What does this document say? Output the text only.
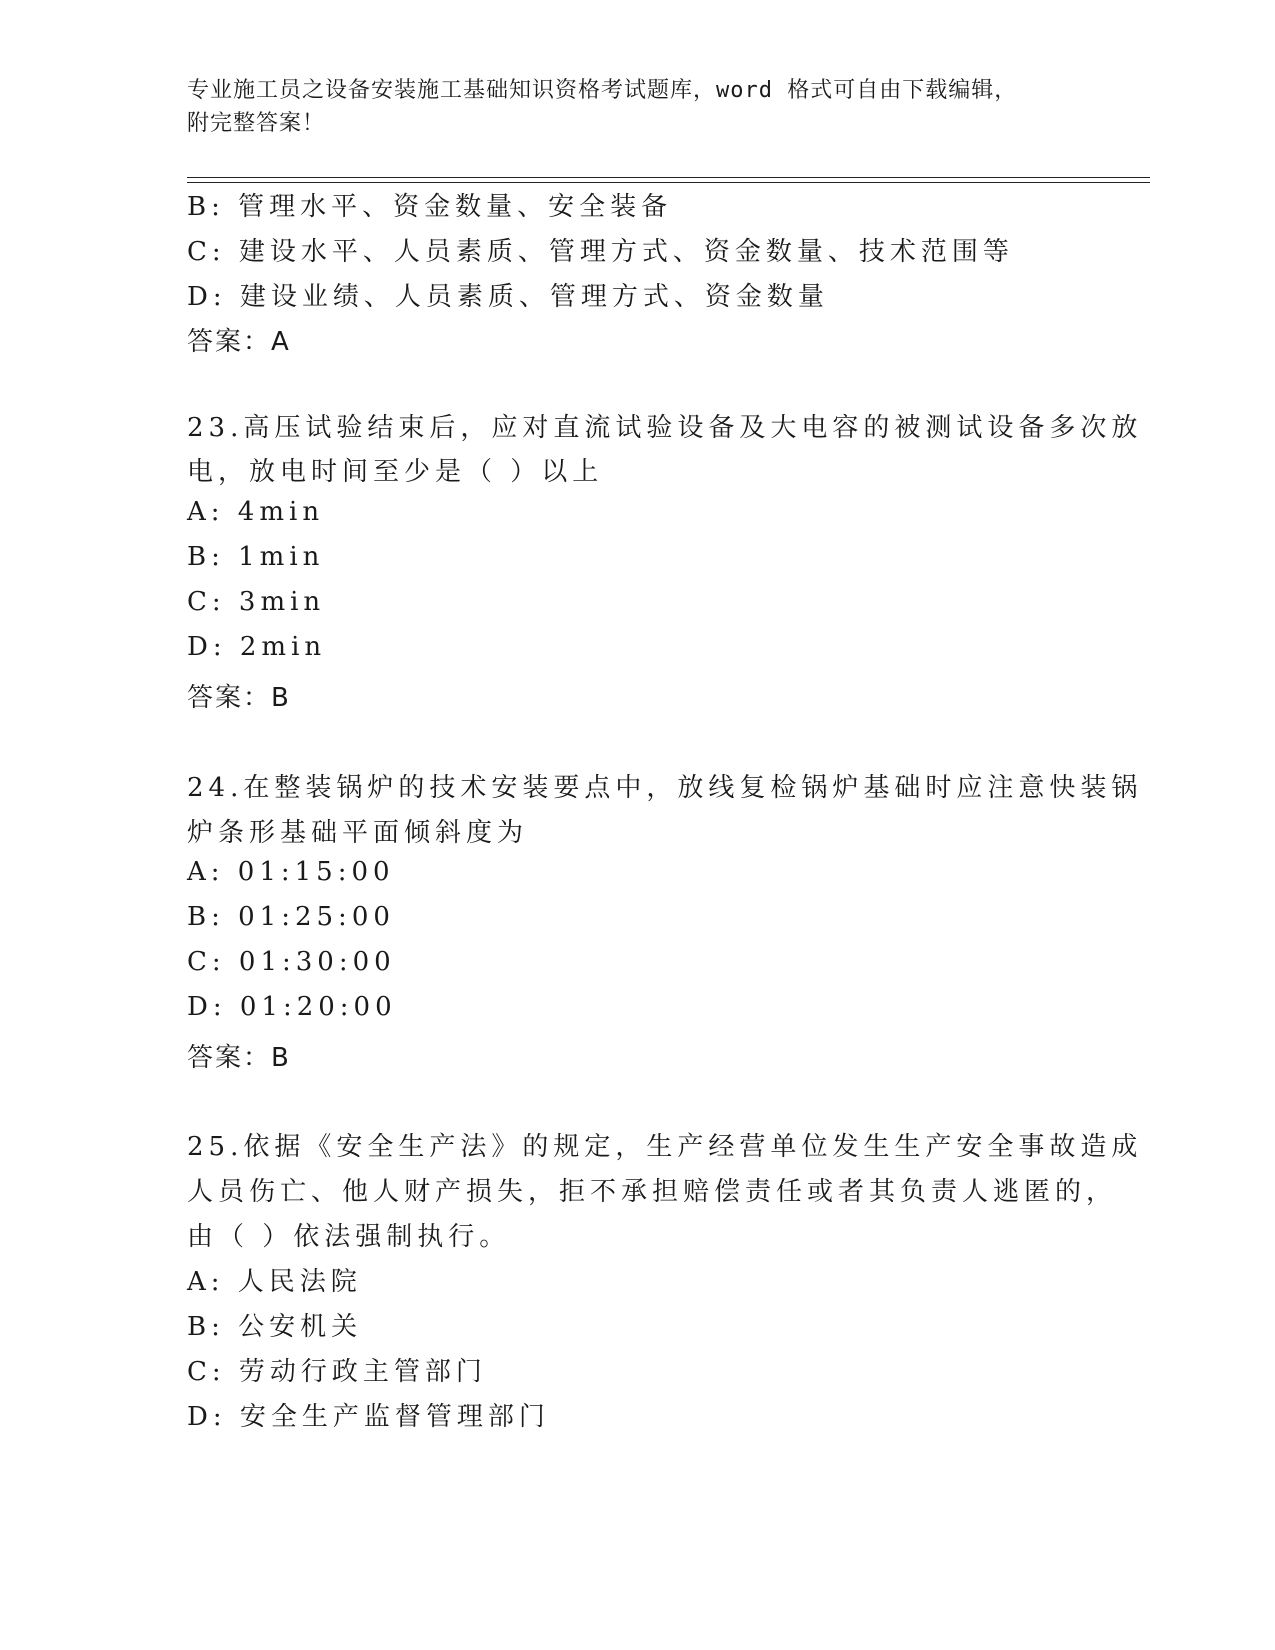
专业施工员之设备安装施工基础知识资格考试题库，word 格式可自由下载编辑，
附完整答案！
B: 管理水平、资金数量、安全装备
C: 建设水平、人员素质、管理方式、资金数量、技术范围等
D: 建设业绩、人员素质、管理方式、资金数量
答案：A
23.高压试验结束后，应对直流试验设备及大电容的被测试设备多次放
电，放电时间至少是（ ）以上
A: 4min
B: 1min
C: 3min
D: 2min
答案：B
24.在整装锅炉的技术安装要点中，放线复检锅炉基础时应注意快装锅
炉条形基础平面倾斜度为
A: 01:15:00
B: 01:25:00
C: 01:30:00
D: 01:20:00
答案：B
25.依据《安全生产法》的规定，生产经营单位发生生产安全事故造成
人员伤亡、他人财产损失，拒不承担赔偿责任或者其负责人逃匿的，
由（ ）依法强制执行。
A: 人民法院
B: 公安机关
C: 劳动行政主管部门
D: 安全生产监督管理部门
